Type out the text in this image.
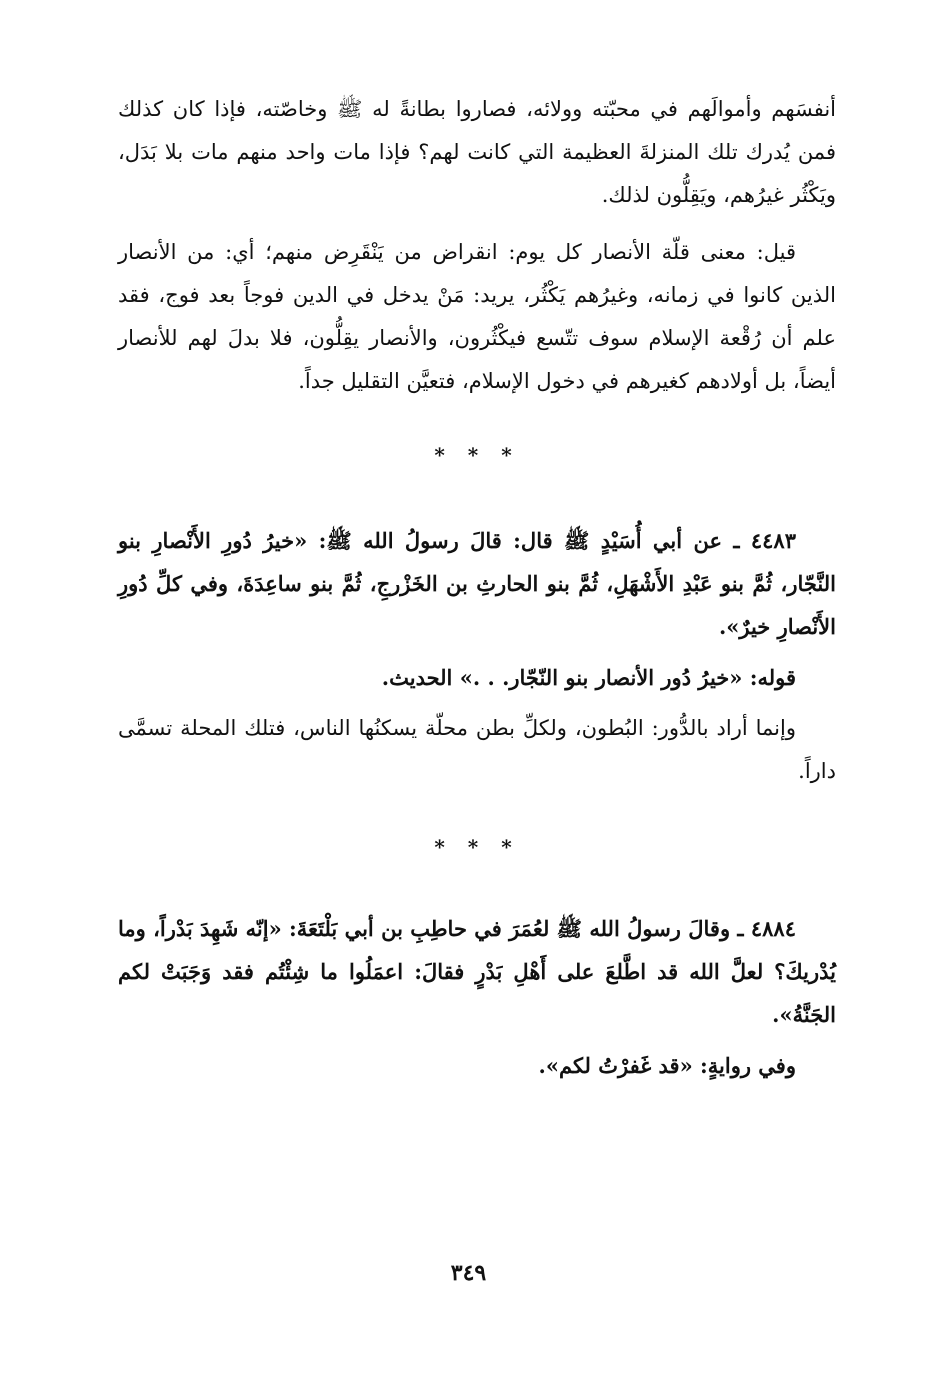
أنفسَهم وأموالَهم في محبّته وولائه، فصاروا بطانةً له ﷺ وخاصّته، فإذا كان كذلك فمن يُدرك تلك المنزلةَ العظيمة التي كانت لهم؟ فإذا مات واحد منهم مات بلا بَدَل، ويَكْثُر غيرُهم، ويَقِلُّون لذلك.

قيل: معنى قلّة الأنصار كل يوم: انقراض من يَنْقَرِض منهم؛ أي: من الأنصار الذين كانوا في زمانه، وغيرُهم يَكْثُر، يريد: مَنْ يدخل في الدين فوجاً بعد فوج، فقد علم أن رُقْعة الإسلام سوف تتّسع فيكْثُرون، والأنصار يقِلُّون، فلا بدلَ لهم للأنصار أيضاً، بل أولادهم كغيرهم في دخول الإسلام، فتعيَّن التقليل جداً.

* * *

٤٤٨٣ ـ عن أبي أُسَيْدٍ ﷺ قال: قالَ رسولُ الله ﷺ: «خيرُ دُورِ الأَنْصارِ بنو النَّجّار، ثُمَّ بنو عَبْدِ الأَشْهَلِ، ثُمَّ بنو الحارثِ بن الخَزْرجِ، ثُمَّ بنو ساعِدَةَ، وفي كلِّ دُورِ الأَنْصارِ خيرٌ».

قوله: «خيرُ دُور الأنصار بنو النّجّار. . .» الحديث.

وإنما أراد بالدُّور: البُطون، ولكلِّ بطن محلّة يسكنُها الناس، فتلك المحلة تسمَّى داراً.

* * *

٤٨٨٤ ـ وقالَ رسولُ الله ﷺ لعُمَرَ في حاطِبِ بن أبي بَلْتَعَةَ: «إنّه شَهِدَ بَدْراً، وما يُدْريكَ؟ لعلَّ الله قد اطَّلعَ على أَهْلِ بَدْرٍ فقالَ: اعمَلُوا ما شِئْتُم فقد وَجَبَتْ لكم الجَنَّةُ».

وفي روايةٍ: «قد غَفرْتُ لكم».

٣٤٩
